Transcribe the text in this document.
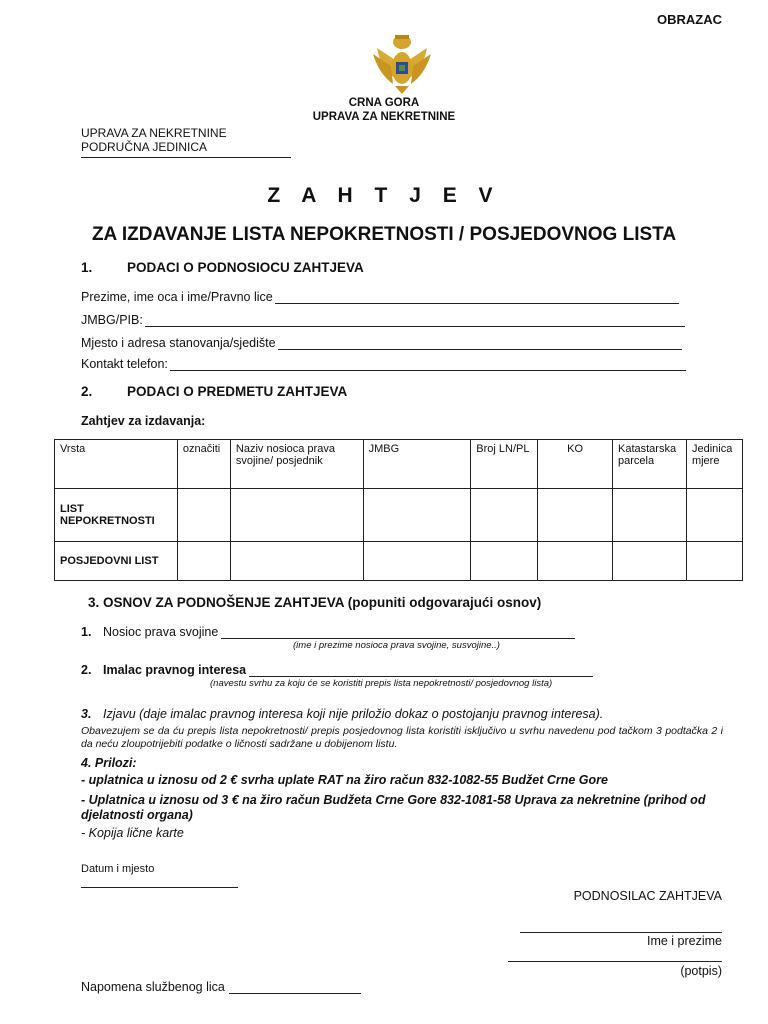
OBRAZAC
CRNA GORA
UPRAVA ZA NEKRETNINE
UPRAVA ZA NEKRETNINE
PODRUČNA JEDINICA
Z A H T J E V
ZA IZDAVANJE LISTA NEPOKRETNOSTI / POSJEDOVNOG LISTA
1.	PODACI O PODNOSIOCU ZAHTJEVA
Prezime, ime oca i ime/Pravno lice
JMBG/PIB:
Mjesto i adresa stanovanja/sjedište
Kontakt telefon:
2.	PODACI O PREDMETU ZAHTJEVA
Zahtjev za izdavanja:
Vrsta	označiti	Naziv nosioca prava svojine/ posjednik	JMBG	Broj LN/PL	KO	Katastarska parcela	Jedinica mjere
LIST NEPOKRETNOSTI							
POSJEDOVNI LIST							
3. OSNOV ZA PODNOŠENJE ZAHTJEVA (popuniti odgovarajući osnov)
1. Nosioc prava svojine
(ime i prezime nosioca prava svojine, susvojine..)
2. Imalac pravnog interesa
(navestu svrhu za koju će se koristiti prepis lista nepokretnosti/ posjedovnog lista)
3. Izjavu (daje imalac pravnog interesa koji nije priložio dokaz o postojanju pravnog interesa).
Obavezujem se da ću prepis lista nepokretnosti/ prepis posjedovnog lista koristiti isključivo u svrhu navedenu pod tačkom 3 podtačka 2 i da neću zloupotrijebiti podatke o ličnosti sadržane u dobijenom listu.
4. Prilozi:
- uplatnica u iznosu od 2 € svrha uplate RAT na žiro račun 832-1082-55 Budžet Crne Gore
- Uplatnica u iznosu od 3 € na žiro račun Budžeta Crne Gore 832-1081-58 Uprava za nekretnine (prihod od djelatnosti organa)
- Kopija lične karte
Datum i mjesto
PODNOSILAC ZAHTJEVA
Ime i prezime
(potpis)
Napomena službenog lica
